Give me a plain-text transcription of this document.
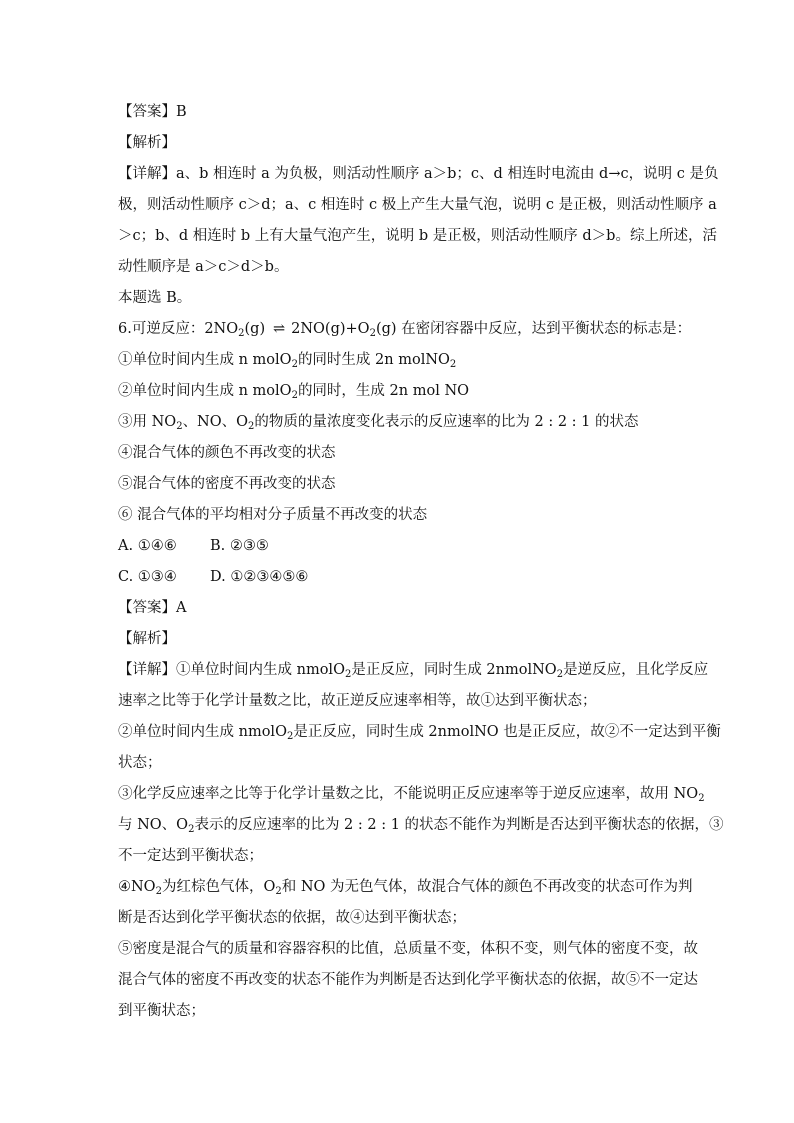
【答案】B
【解析】
【详解】a、b 相连时 a 为负极，则活动性顺序 a＞b；c、d 相连时电流由 d→c，说明 c 是负
极，则活动性顺序 c＞d；a、c 相连时 c 极上产生大量气泡，说明 c 是正极，则活动性顺序 a
＞c；b、d 相连时 b 上有大量气泡产生，说明 b 是正极，则活动性顺序 d＞b。综上所述，活
动性顺序是 a＞c＞d＞b。
本题选 B。
6.可逆反应：$2NO_2(g)$ ⇌ $2NO(g)+O_2(g)$ 在密闭容器中反应，达到平衡状态的标志是：
①单位时间内生成 n molO$_2$的同时生成 2n molNO$_2$
②单位时间内生成 n molO$_2$的同时，生成 2n mol NO
③用 $NO_2$、NO、$O_2$的物质的量浓度变化表示的反应速率的比为 2 : 2 : 1 的状态
④混合气体的颜色不再改变的状态
⑤混合气体的密度不再改变的状态
⑥ 混合气体的平均相对分子质量不再改变的状态
A. ①④⑥ B. ②③⑤
C. ①③④ D. ①②③④⑤⑥
【答案】A
【解析】
【详解】①单位时间内生成 nmolO$_2$是正反应，同时生成 2nmolNO$_2$是逆反应，且化学反应
速率之比等于化学计量数之比，故正逆反应速率相等，故①达到平衡状态；
②单位时间内生成 nmolO$_2$是正反应，同时生成 2nmolNO 也是正反应，故②不一定达到平衡
状态；
③化学反应速率之比等于化学计量数之比，不能说明正反应速率等于逆反应速率，故用 $NO_2$
与 NO、$O_2$表示的反应速率的比为 2 : 2 : 1 的状态不能作为判断是否达到平衡状态的依据，③
不一定达到平衡状态；
$④NO_2$为红棕色气体，$O_2$和 NO 为无色气体，故混合气体的颜色不再改变的状态可作为判
断是否达到化学平衡状态的依据，故④达到平衡状态；
⑤密度是混合气的质量和容器容积的比值，总质量不变，体积不变，则气体的密度不变，故
混合气体的密度不再改变的状态不能作为判断是否达到化学平衡状态的依据，故⑤不一定达
到平衡状态；
